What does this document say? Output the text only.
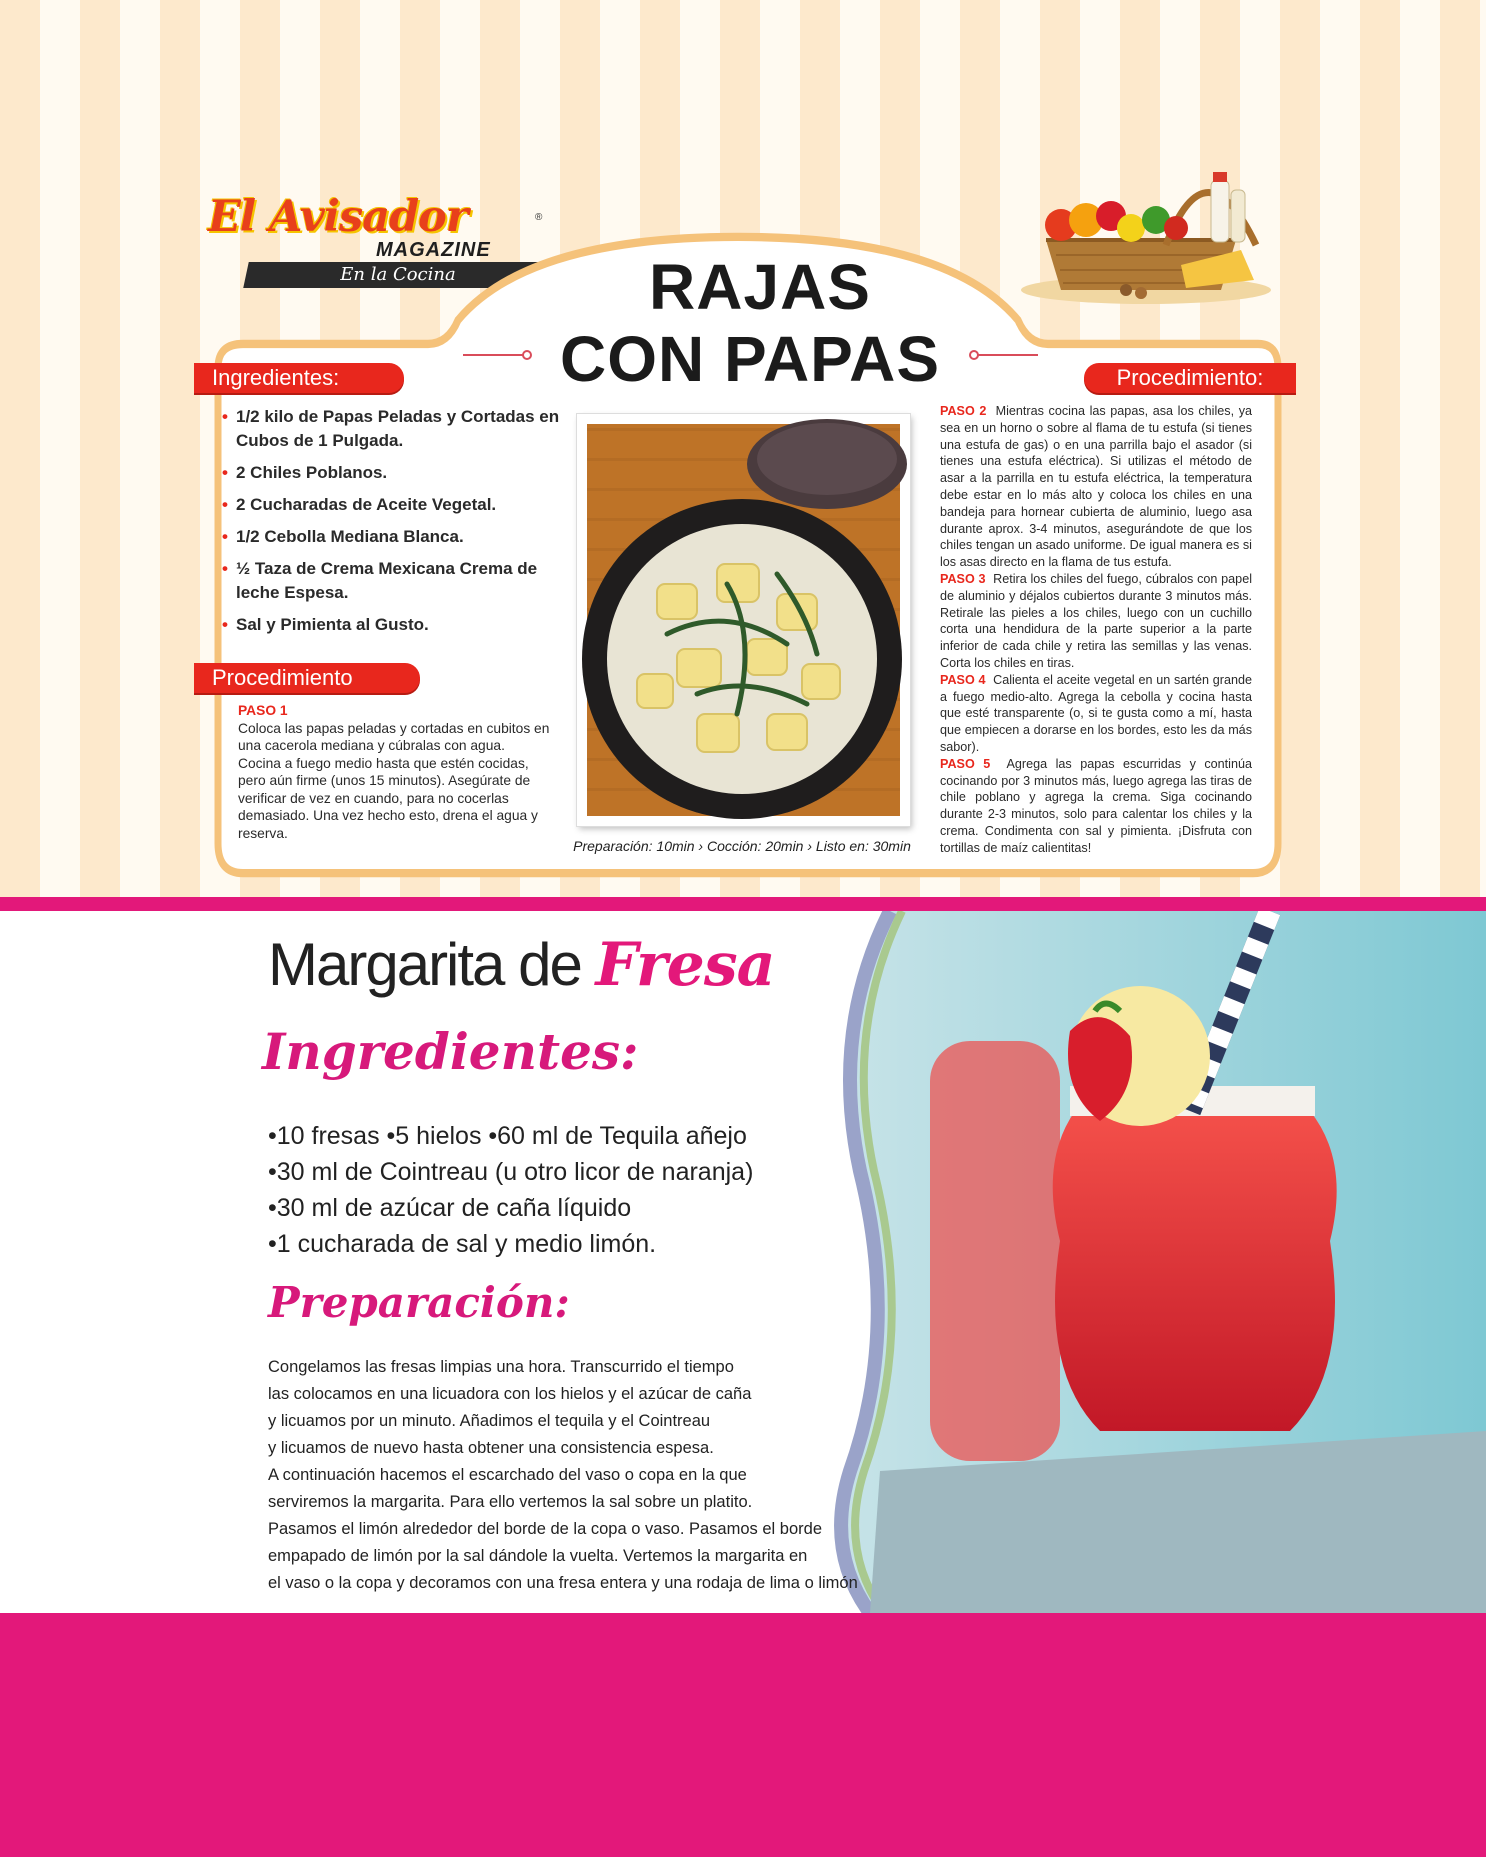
El Avisador	®
MAGAZINE
En la Cocina	RAJAS
CON PAPAS
Ingredientes:	Procedimiento:
Procedimiento
• 1/2 kilo de Papas Peladas y Cortadas en Cubos de 1 Pulgada.
• 2 Chiles Poblanos.
• 2 Cucharadas de Aceite Vegetal.
• 1/2 Cebolla Mediana Blanca.
• ½ Taza de Crema Mexicana Crema de leche Espesa.
• Sal y Pimienta al Gusto.
PASO 1
Coloca las papas peladas y cortadas en cubitos en una cacerola mediana y cúbralas con agua. Cocina a fuego medio hasta que estén cocidas, pero aún firme (unos 15 minutos). Asegúrate de verificar de vez en cuando, para no cocerlas demasiado. Una vez hecho esto, drena el agua y reserva.
Preparación: 10min › Cocción: 20min › Listo en: 30min

PASO 2 Mientras cocina las papas, asa los chiles, ya sea en un horno o sobre al flama de tu estufa (si tienes una estufa de gas) o en una parrilla bajo el asador (si tienes una estufa eléctrica). Si utilizas el método de asar a la parrilla en tu estufa eléctrica, la temperatura debe estar en lo más alto y coloca los chiles en una bandeja para hornear cubierta de aluminio, luego asa durante aprox. 3-4 minutos, asegurándote de que los chiles tengan un asado uniforme. De igual manera es si los asas directo en la flama de tus estufa.

PASO 3 Retira los chiles del fuego, cúbralos con papel de aluminio y déjalos cubiertos durante 3 minutos más. Retirale las pieles a los chiles, luego con un cuchillo corta una hendidura de la parte superior a la parte inferior de cada chile y retira las semillas y las venas. Corta los chiles en tiras.

PASO 4 Calienta el aceite vegetal en un sartén grande a fuego medio-alto. Agrega la cebolla y cocina hasta que esté transparente (o, si te gusta como a mí, hasta que empiecen a dorarse en los bordes, esto les da más sabor).

PASO 5 Agrega las papas escurridas y continúa cocinando por 3 minutos más, luego agrega las tiras de chile poblano y agrega la crema. Siga cocinando durante 2-3 minutos, solo para calentar los chiles y la crema. Condimenta con sal y pimienta. ¡Disfruta con tortillas de maíz calientitas!

Margarita de Fresa
Ingredientes:
•10 fresas •5 hielos •60 ml de Tequila añejo
•30 ml de Cointreau (u otro licor de naranja)
•30 ml de azúcar de caña líquido
•1 cucharada de sal y medio limón.
Preparación:
Congelamos las fresas limpias una hora. Transcurrido el tiempo
las colocamos en una licuadora con los hielos y el azúcar de caña
y licuamos por un minuto. Añadimos el tequila y el Cointreau
y licuamos de nuevo hasta obtener una consistencia espesa.
A continuación hacemos el escarchado del vaso o copa en la que
serviremos la margarita. Para ello vertemos la sal sobre un platito.
Pasamos el limón alrededor del borde de la copa o vaso. Pasamos el borde
empapado de limón por la sal dándole la vuelta. Vertemos la margarita en
el vaso o la copa y decoramos con una fresa entera y una rodaja de lima o limón
